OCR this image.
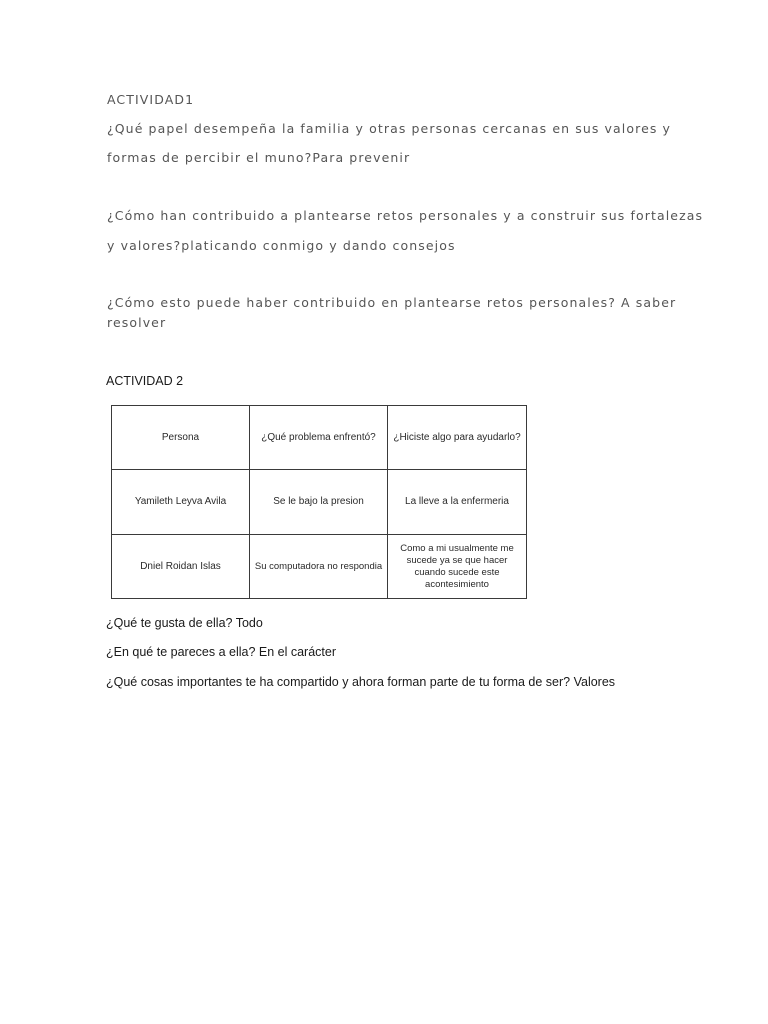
ACTIVIDAD1
¿Qué papel desempeña la familia y otras personas cercanas en sus valores y
formas de percibir el muno?Para prevenir
¿Cómo han contribuido a plantearse retos personales y a construir sus fortalezas
y valores?platicando conmigo y dando consejos
¿Cómo esto puede haber contribuido en plantearse retos personales? A saber
resolver
ACTIVIDAD 2
Persona	¿Qué problema enfrentó?	¿Hiciste algo para ayudarlo?
Yamileth Leyva Avila	Se le bajo la presion	La lleve a la enfermeria
Dniel Roidan Islas	Su computadora no respondia	Como a mi usualmente me sucede ya se que hacer cuando sucede este acontesimiento
¿Qué te gusta de ella? Todo
¿En qué te pareces a ella? En el carácter
¿Qué cosas importantes te ha compartido y ahora forman parte de tu forma de ser? Valores
